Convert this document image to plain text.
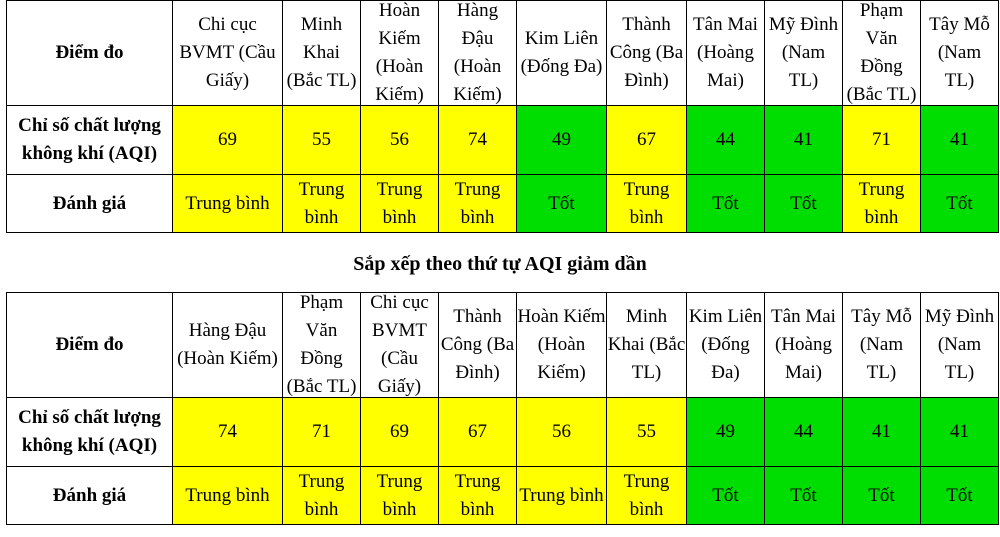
Điểm đo	Chi cục BVMT (Cầu Giấy)	Minh Khai (Bắc TL)	Hoàn Kiếm (Hoàn Kiếm)	Hàng Đậu (Hoàn Kiếm)	Kim Liên (Đống Đa)	Thành Công (Ba Đình)	Tân Mai (Hoàng Mai)	Mỹ Đình (Nam TL)	Phạm Văn Đồng (Bắc TL)	Tây Mỗ (Nam TL)

Chỉ số chất lượng không khí (AQI)	69	55	56	74	49	67	44	41	71	41
Đánh giá	Trung bình	Trung bình	Trung bình	Trung bình	Tốt	Trung bình	Tốt	Tốt	Trung bình	Tốt
Sắp xếp theo thứ tự AQI giảm dần
Điểm đo	Hàng Đậu (Hoàn Kiếm)	Phạm Văn Đồng (Bắc TL)	Chi cục BVMT (Cầu Giấy)	Thành Công (Ba Đình)	Hoàn Kiếm (Hoàn Kiếm)	Minh Khai (Bắc TL)	Kim Liên (Đống Đa)	Tân Mai (Hoàng Mai)	Tây Mỗ (Nam TL)	Mỹ Đình (Nam TL)

Chỉ số chất lượng không khí (AQI)	74	71	69	67	56	55	49	44	41	41
Đánh giá	Trung bình	Trung bình	Trung bình	Trung bình	Trung bình	Trung bình	Tốt	Tốt	Tốt	Tốt
